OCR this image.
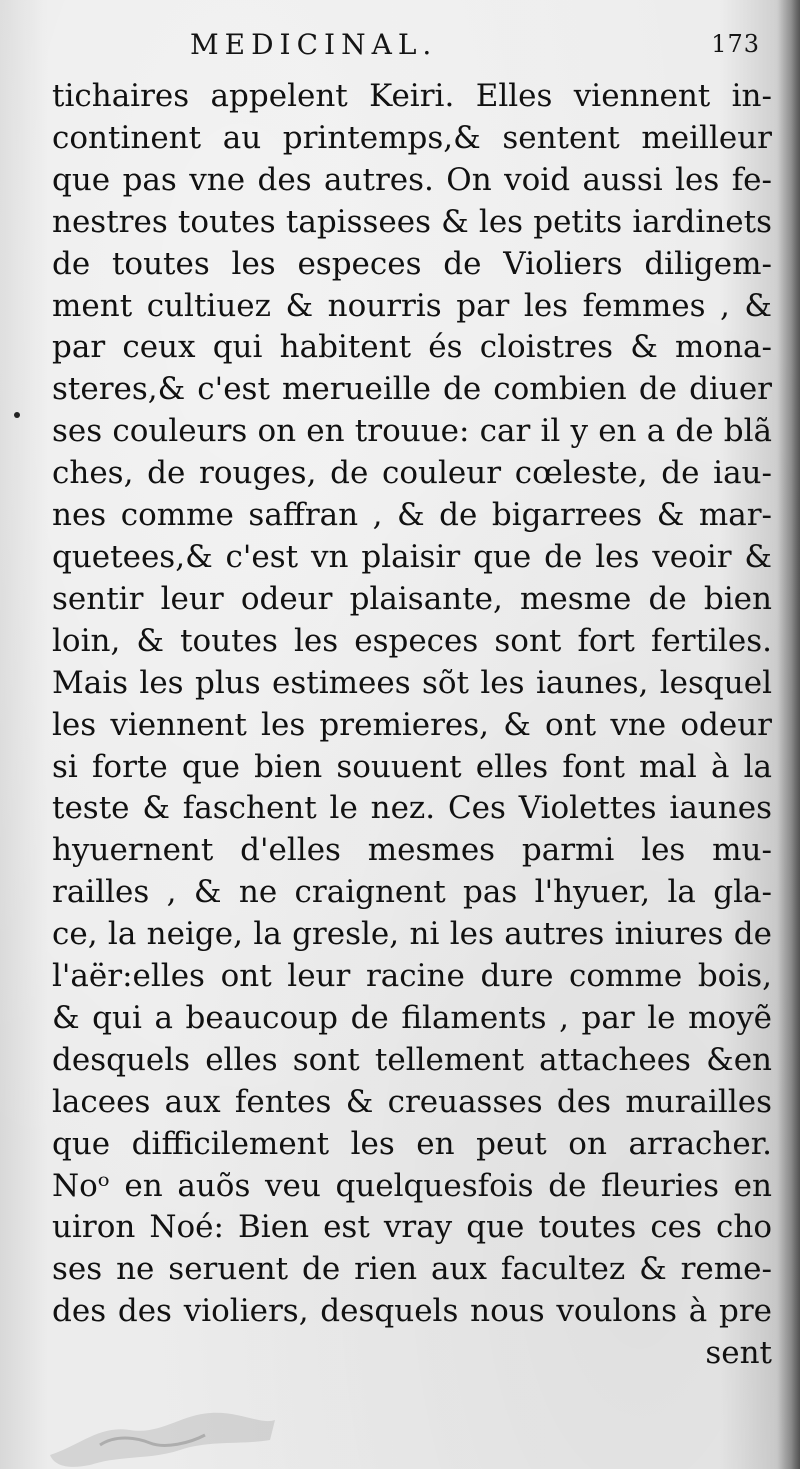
MEDICINAL.	173
tichaires appelent Keiri. Elles viennent in-
continent au printemps,& sentent meilleur
que pas vne des autres. On void aussi les fe-
nestres toutes tapissees & les petits iardinets
de toutes les especes de Violiers diligem-
ment cultiuez & nourris par les femmes , &
par ceux qui habitent és cloistres & mona-
steres,& c'est merueille de combien de diuer
ses couleurs on en trouue: car il y en a de blã
ches, de rouges, de couleur cœleste, de iau-
nes comme saffran , & de bigarrees & mar-
quetees,& c'est vn plaisir que de les veoir &
sentir leur odeur plaisante, mesme de bien
loin, & toutes les especes sont fort fertiles.
Mais les plus estimees sõt les iaunes, lesquel
les viennent les premieres, & ont vne odeur
si forte que bien souuent elles font mal à la
teste & faschent le nez. Ces Violettes iaunes
hyuernent d'elles mesmes parmi les mu-
railles , & ne craignent pas l'hyuer, la gla-
ce, la neige, la gresle, ni les autres iniures de
l'aër:elles ont leur racine dure comme bois,
& qui a beaucoup de filaments , par le moyẽ
desquels elles sont tellement attachees &en
lacees aux fentes & creuasses des murailles
que difficilement les en peut on arracher.
Noᵒ en auõs veu quelquesfois de fleuries en
uiron Noé: Bien est vray que toutes ces cho
ses ne seruent de rien aux facultez & reme-
des des violiers, desquels nous voulons à pre
sent
